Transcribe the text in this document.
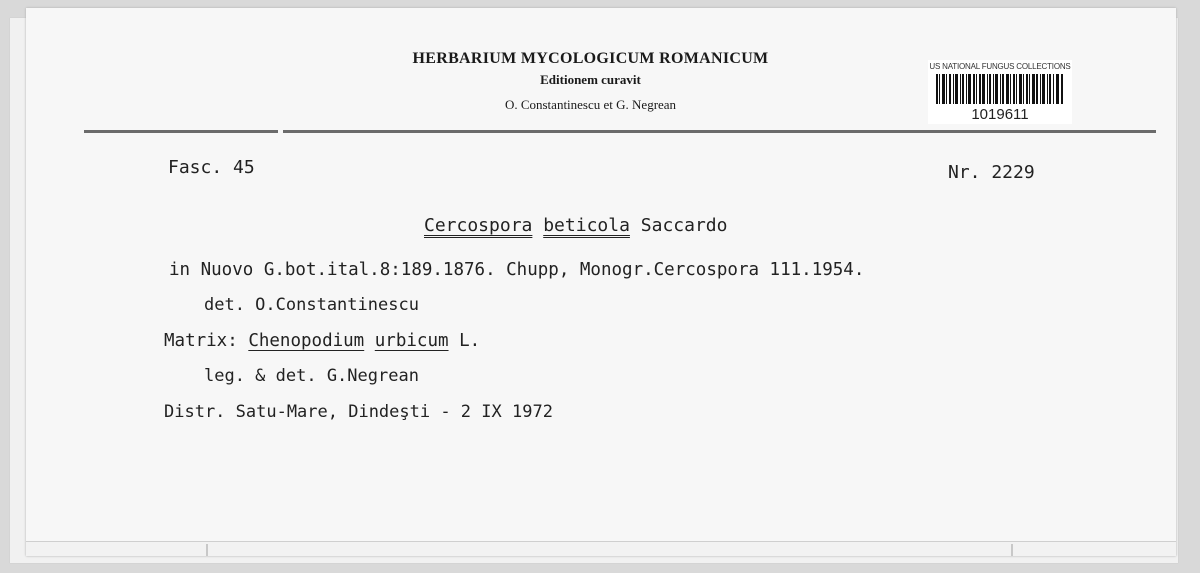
HERBARIUM MYCOLOGICUM ROMANICUM
Editionem curavit
O. Constantinescu et G. Negrean
US NATIONAL FUNGUS COLLECTIONS
1019611
Fasc. 45	Nr. 2229
Cercospora beticola Saccardo
in Nuovo G.bot.ital.8:189.1876. Chupp, Monogr.Cercospora 111.1954.
det. O.Constantinescu
Matrix: Chenopodium urbicum L.
leg. & det. G.Negrean
Distr. Satu-Mare, Dindeşti - 2 IX 1972
